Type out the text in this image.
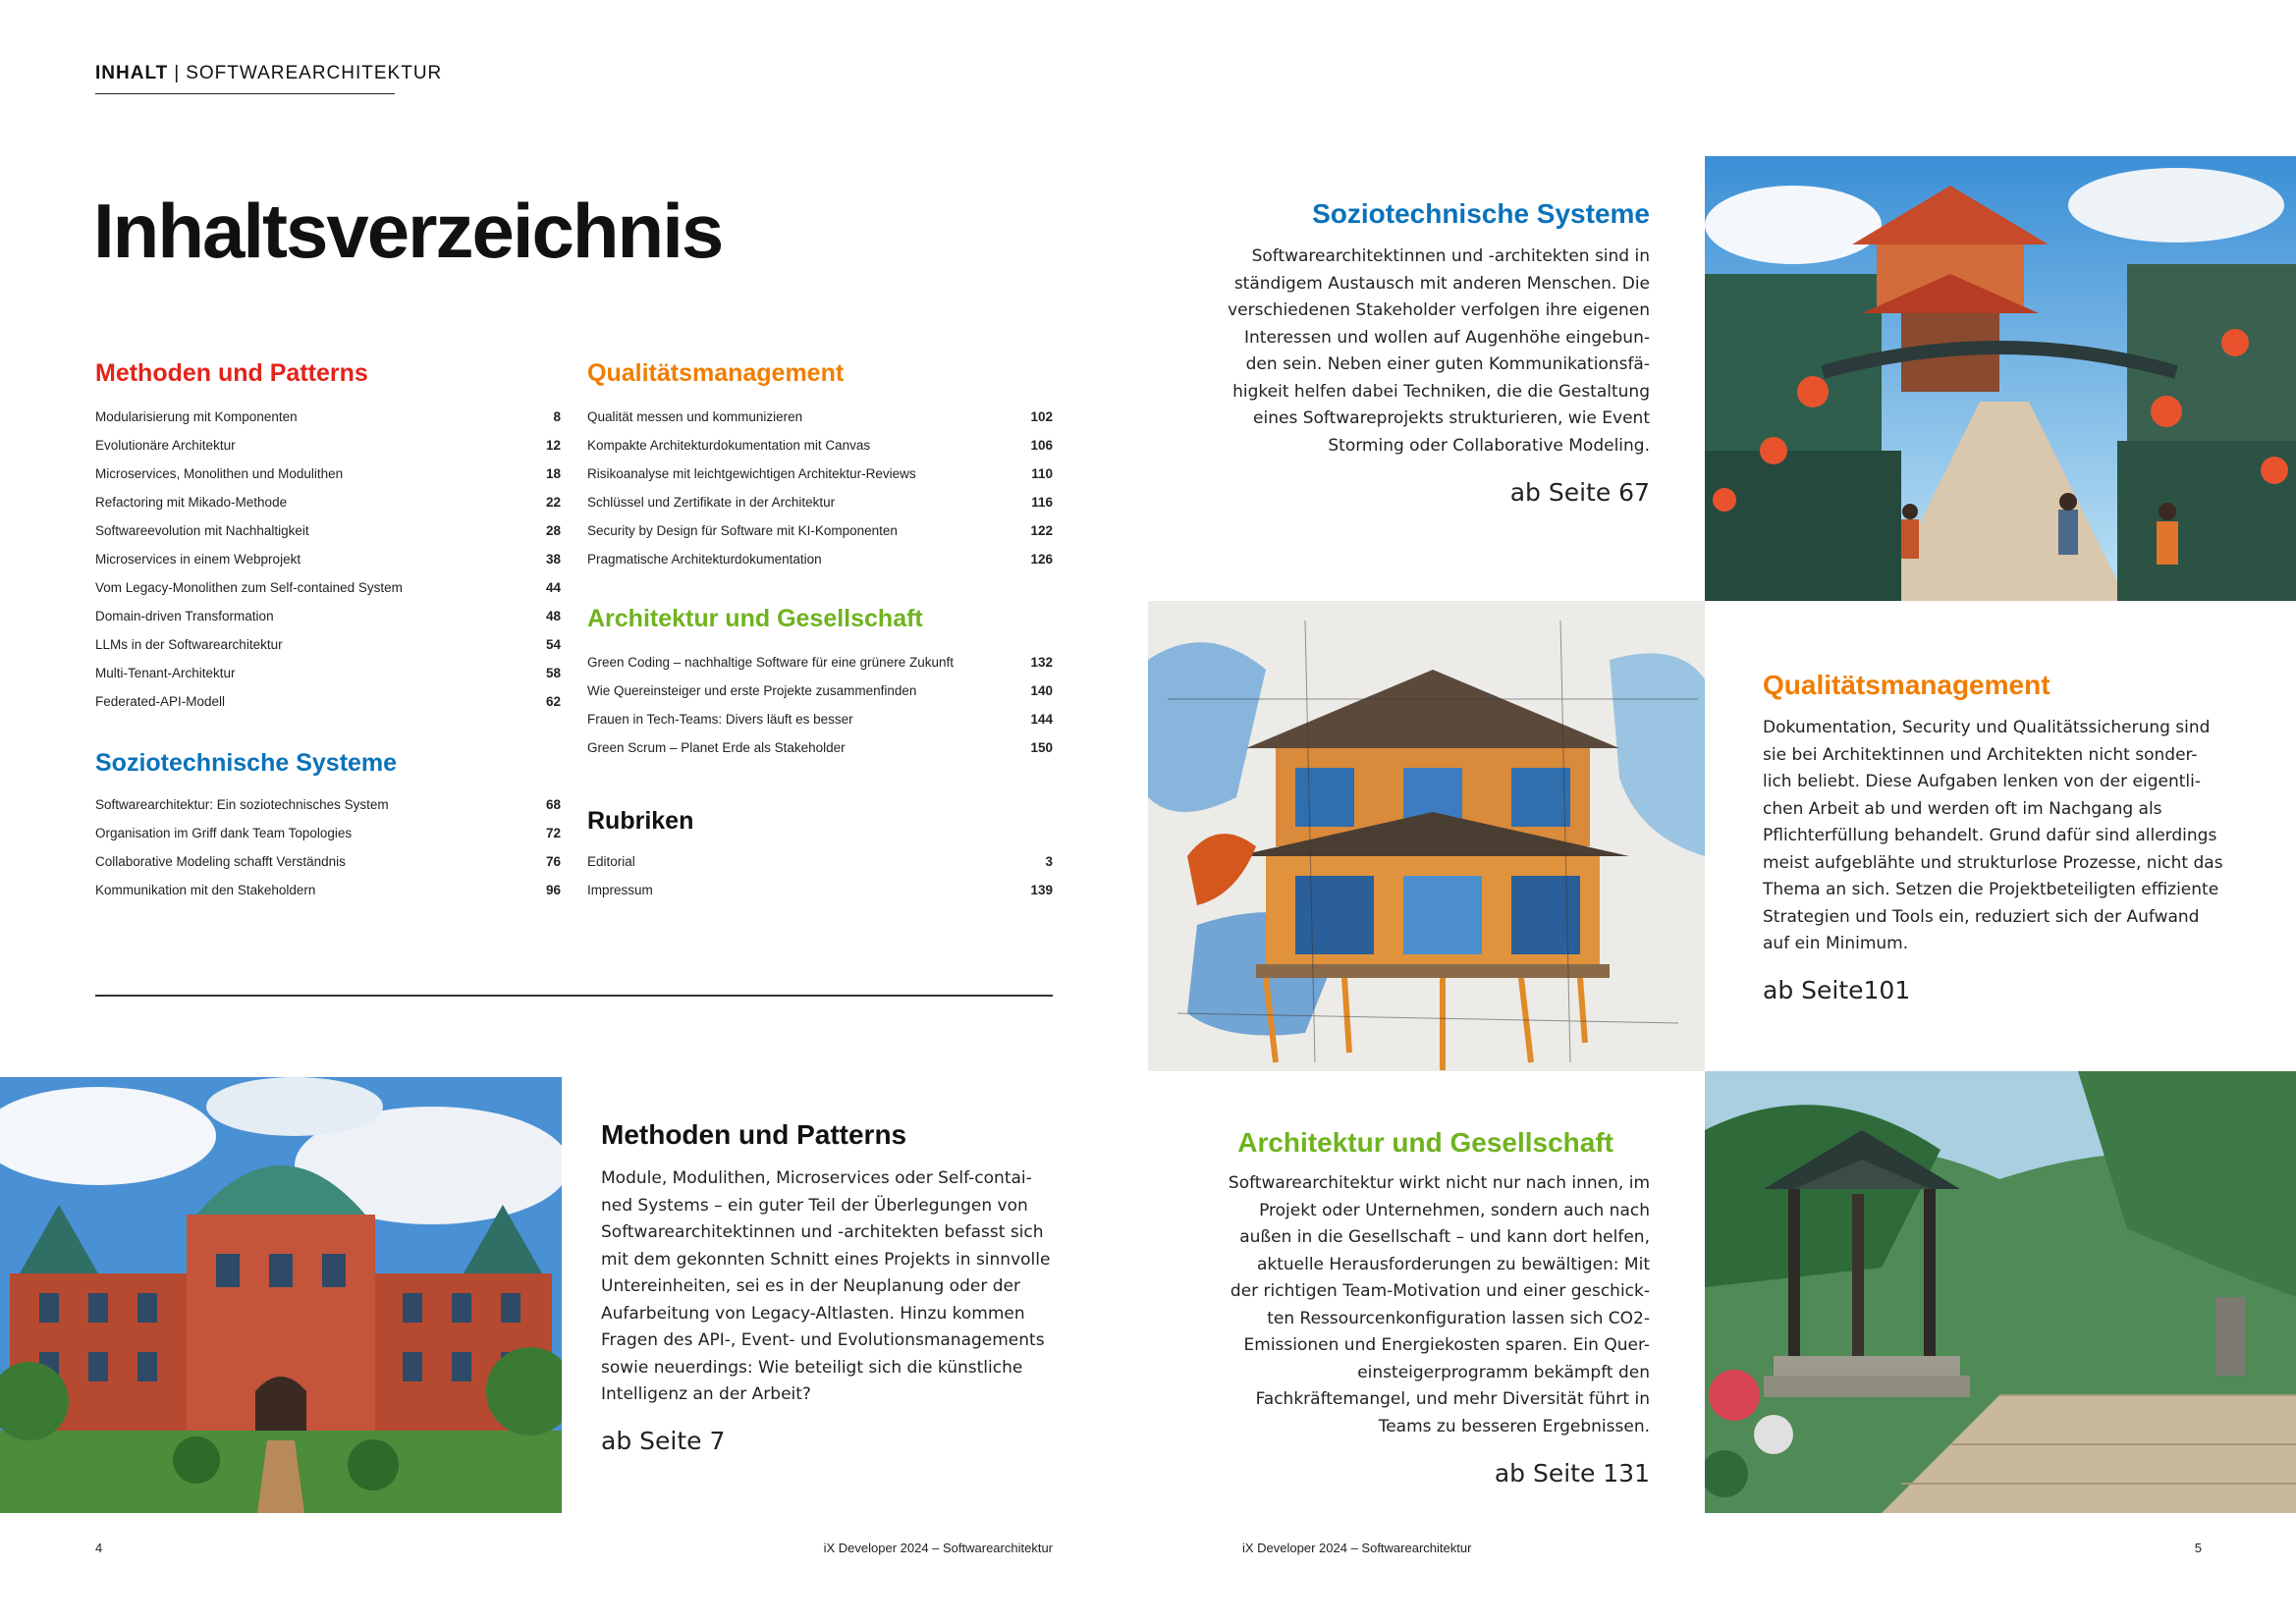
INHALT | SOFTWAREARCHITEKTUR
Inhaltsverzeichnis
Methoden und Patterns
Modularisierung mit Komponenten	8
Evolutionäre Architektur	12
Microservices, Monolithen und Modulithen	18
Refactoring mit Mikado-Methode	22
Softwareevolution mit Nachhaltigkeit	28
Microservices in einem Webprojekt	38
Vom Legacy-Monolithen zum Self-contained System	44
Domain-driven Transformation	48
LLMs in der Softwarearchitektur	54
Multi-Tenant-Architektur	58
Federated-API-Modell	62
Soziotechnische Systeme
Softwarearchitektur: Ein soziotechnisches System	68
Organisation im Griff dank Team Topologies	72
Collaborative Modeling schafft Verständnis	76
Kommunikation mit den Stakeholdern	96
Qualitätsmanagement
Qualität messen und kommunizieren	102
Kompakte Architekturdokumentation mit Canvas	106
Risikoanalyse mit leichtgewichtigen Architektur-Reviews	110
Schlüssel und Zertifikate in der Architektur	116
Security by Design für Software mit KI-Komponenten	122
Pragmatische Architekturdokumentation	126
Architektur und Gesellschaft
Green Coding – nachhaltige Software für eine grünere Zukunft	132
Wie Quereinsteiger und erste Projekte zusammenfinden	140
Frauen in Tech-Teams: Divers läuft es besser	144
Green Scrum – Planet Erde als Stakeholder	150
Rubriken
Editorial	3
Impressum	139
Soziotechnische Systeme
Softwarearchitektinnen und -architekten sind in
ständigem Austausch mit anderen Menschen. Die
verschiedenen Stakeholder verfolgen ihre eigenen
Interessen und wollen auf Augenhöhe eingebun-
den sein. Neben einer guten Kommunikationsfä-
higkeit helfen dabei Techniken, die die Gestaltung
eines Softwareprojekts strukturieren, wie Event
Storming oder Collaborative Modeling.
ab Seite 67
Qualitätsmanagement
Dokumentation, Security und Qualitätssicherung sind
sie bei Architektinnen und Architekten nicht sonder-
lich beliebt. Diese Aufgaben lenken von der eigentli-
chen Arbeit ab und werden oft im Nachgang als
Pflichterfüllung behandelt. Grund dafür sind allerdings
meist aufgeblähte und strukturlose Prozesse, nicht das
Thema an sich. Setzen die Projektbeteiligten effiziente
Strategien und Tools ein, reduziert sich der Aufwand
auf ein Minimum.
ab Seite101
Methoden und Patterns
Module, Modulithen, Microservices oder Self-contai-
ned Systems – ein guter Teil der Überlegungen von
Softwarearchitektinnen und -architekten befasst sich
mit dem gekonnten Schnitt eines Projekts in sinnvolle
Untereinheiten, sei es in der Neuplanung oder der
Aufarbeitung von Legacy-Altlasten. Hinzu kommen
Fragen des API-, Event- und Evolutionsmanagements
sowie neuerdings: Wie beteiligt sich die künstliche
Intelligenz an der Arbeit?
ab Seite 7
Architektur und Gesellschaft
Softwarearchitektur wirkt nicht nur nach innen, im
Projekt oder Unternehmen, sondern auch nach
außen in die Gesellschaft – und kann dort helfen,
aktuelle Herausforderungen zu bewältigen: Mit
der richtigen Team-Motivation und einer geschick-
ten Ressourcenkonfiguration lassen sich CO2-
Emissionen und Energiekosten sparen. Ein Quer-
einsteigerprogramm bekämpft den
Fachkräftemangel, und mehr Diversität führt in
Teams zu besseren Ergebnissen.
ab Seite 131
4	iX Developer 2024 – Softwarearchitektur	iX Developer 2024 – Softwarearchitektur	5
